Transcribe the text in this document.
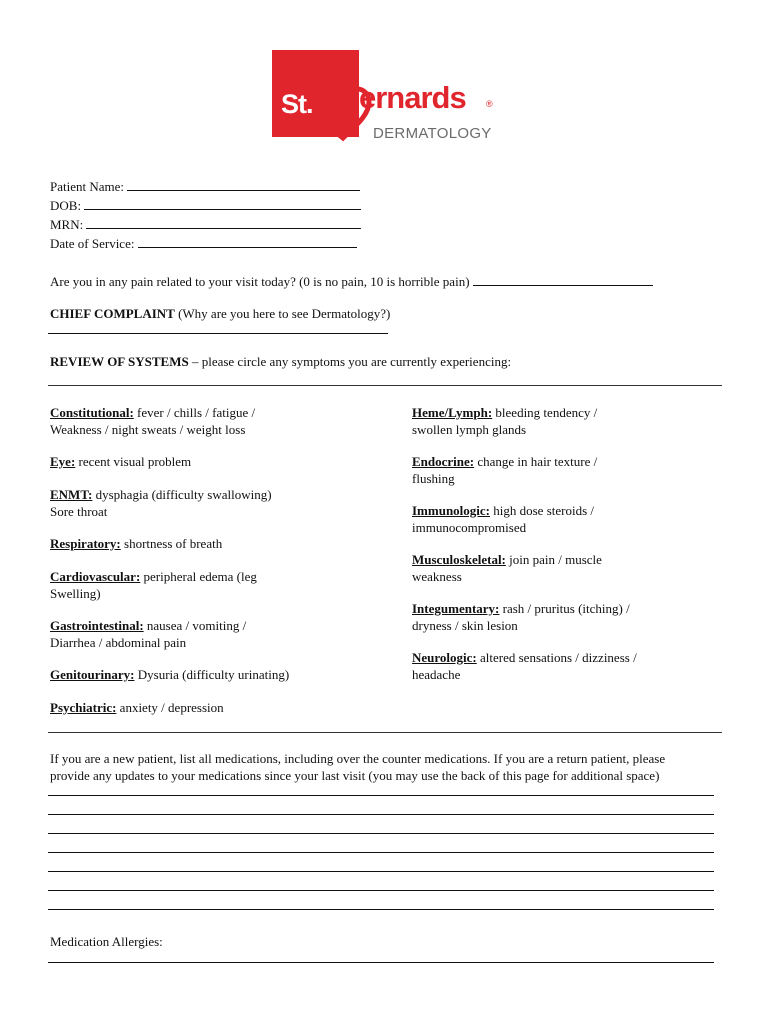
St. ernards ®
DERMATOLOGY
Patient Name:
DOB:
MRN:
Date of Service:
Are you in any pain related to your visit today? (0 is no pain, 10 is horrible pain)
CHIEF COMPLAINT (Why are you here to see Dermatology?)
REVIEW OF SYSTEMS – please circle any symptoms you are currently experiencing:
Constitutional: fever / chills / fatigue /
Weakness / night sweats / weight loss
Eye: recent visual problem
ENMT: dysphagia (difficulty swallowing)
Sore throat
Respiratory: shortness of breath
Cardiovascular: peripheral edema (leg
Swelling)
Gastrointestinal: nausea / vomiting /
Diarrhea / abdominal pain
Genitourinary: Dysuria (difficulty urinating)
Psychiatric: anxiety / depression
Heme/Lymph: bleeding tendency /
swollen lymph glands
Endocrine: change in hair texture /
flushing
Immunologic: high dose steroids /
immunocompromised
Musculoskeletal: join pain / muscle
weakness
Integumentary: rash / pruritus (itching) /
dryness / skin lesion
Neurologic: altered sensations / dizziness /
headache
If you are a new patient, list all medications, including over the counter medications. If you are a return patient, please
provide any updates to your medications since your last visit (you may use the back of this page for additional space)
Medication Allergies:
